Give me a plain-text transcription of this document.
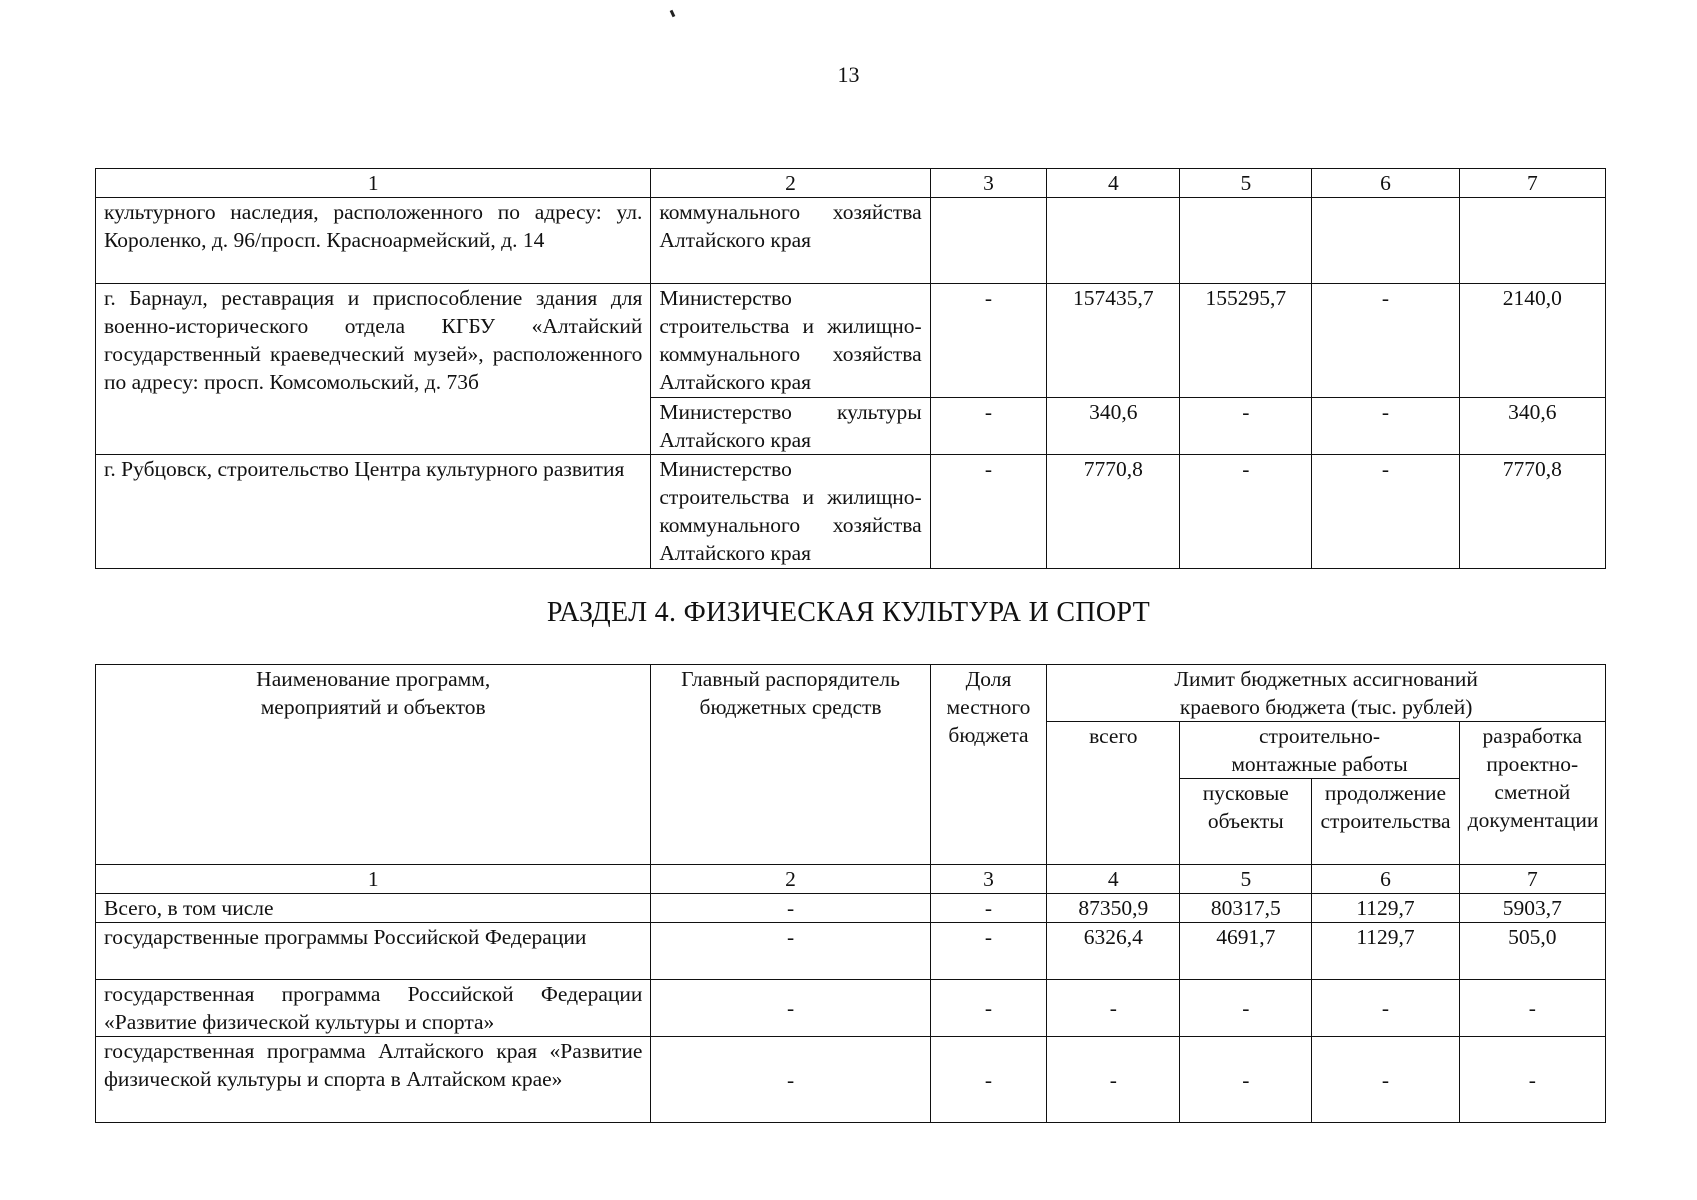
13
1	2	3	4	5	6	7
культурного наследия, расположенного по адресу: ул. Короленко, д. 96/просп. Красноармейский, д. 14	коммунального хозяйства Алтайского края					
г. Барнаул, реставрация и приспособление здания для военно-исторического отдела КГБУ «Алтайский государственный краеведческий музей», расположенного по адресу: просп. Комсомольский, д. 73б	Министерство строительства и жилищно-коммунального хозяйства Алтайского края	-	157435,7	155295,7	-	2140,0
	Министерство культуры Алтайского края	-	340,6	-	-	340,6
г. Рубцовск, строительство Центра культурного развития	Министерство строительства и жилищно-коммунального хозяйства Алтайского края	-	7770,8	-	-	7770,8
РАЗДЕЛ 4. ФИЗИЧЕСКАЯ КУЛЬТУРА И СПОРТ
Наименование программ, мероприятий и объектов	Главный распорядитель бюджетных средств	Доля местного бюджета	Лимит бюджетных ассигнований краевого бюджета (тыс. рублей)			
			всего	строительно-монтажные работы		разработка проектно-сметной документации
				пусковые объекты	продолжение строительства	
1	2	3	4	5	6	7
Всего, в том числе	-	-	87350,9	80317,5	1129,7	5903,7
государственные программы Российской Федерации	-	-	6326,4	4691,7	1129,7	505,0
государственная программа Российской Федерации «Развитие физической культуры и спорта»	-	-	-	-	-	-
государственная программа Алтайского края «Развитие физической культуры и спорта в Алтайском крае»	-	-	-	-	-	-
